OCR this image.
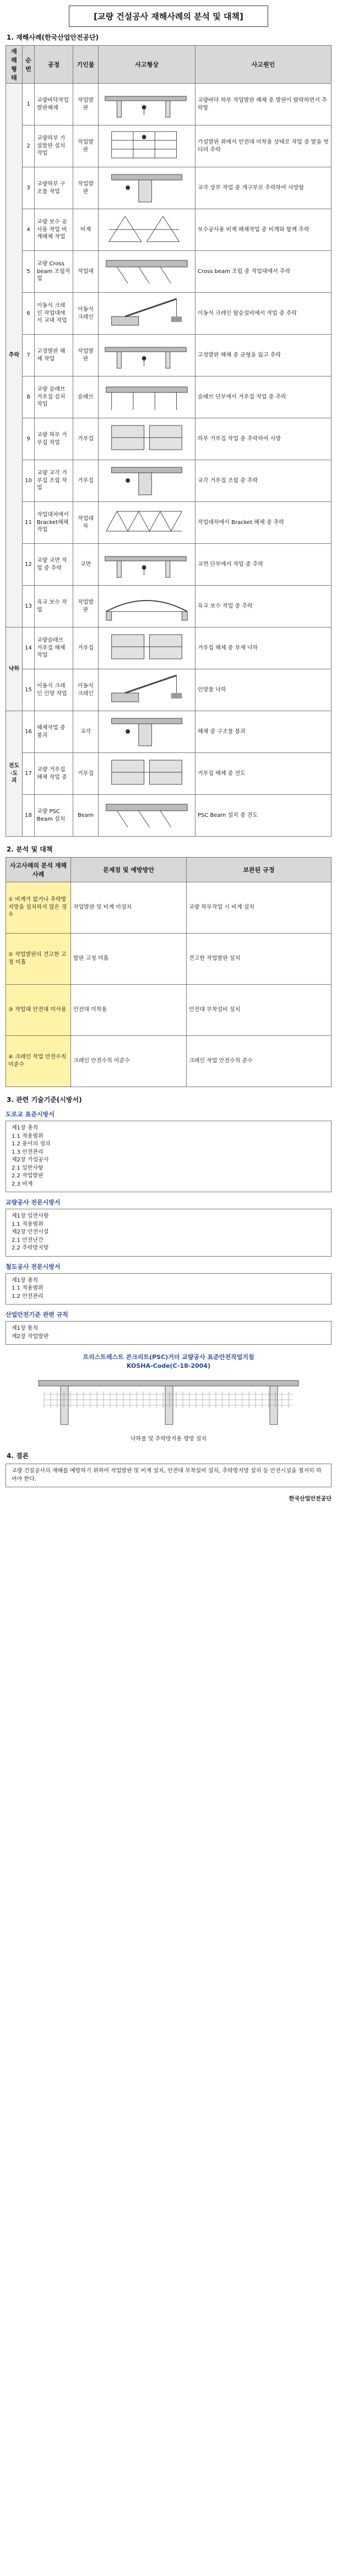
[교량 건설공사 재해사례의 분석 및 대책]
1. 재해사례(한국산업안전공단)
재해형태	순번	공정	기인물	사고형상	사고원인
추락	1	교량바닥작업 발판해체	작업발판		교량바닥 하부 작업발판 해체 중 발판이 탈락하면서 추락함
	2	교량하부 가설발판 설치작업	작업발판		가설발판 위에서 안전대 미착용 상태로 작업 중 발을 헛디뎌 추락
	3	교량하부 구조물 작업	작업발판		교각 상부 작업 중 개구부로 추락하여 사망함
	4	교량 보수 공사용 작업 비계해체 작업	비계		보수공사용 비계 해체작업 중 비계와 함께 추락
	5	교량 Cross beam 조립작업	작업대		Cross beam 조립 중 작업대에서 추락
	6	이동식 크레인 작업대에서 교대 작업	이동식 크레인		이동식 크레인 탑승설비에서 작업 중 추락
	7	고정발판 해체 작업	작업발판		고정발판 해체 중 균형을 잃고 추락
	8	교량 슬래브 거푸집 설치작업	슬래브		슬래브 단부에서 거푸집 작업 중 추락
	9	교량 하부 거푸집 작업	거푸집		하부 거푸집 작업 중 추락하여 사망
	10	교량 교각 거푸집 조립 작업	거푸집		교각 거푸집 조립 중 추락
	11	작업대차에서 Bracket해체 작업	작업대차		작업대차에서 Bracket 해체 중 추락
	12	교량 교면 작업 중 추락	교면		교면 단부에서 작업 중 추락
	13	육교 보수 작업	작업발판		육교 보수 작업 중 추락
낙하	14	교량슬래브 거푸집 해체 작업	거푸집		거푸집 해체 중 부재 낙하
	15	이동식 크레인 인양 작업	이동식 크레인		인양물 낙하
전도·도괴	16	해체작업 중 붕괴	교각		해체 중 구조물 붕괴
	17	교량 거푸집 해체 작업 중	거푸집		거푸집 해체 중 전도
	18	교량 PSC Beam 설치	Beam		PSC Beam 설치 중 전도
2. 분석 및 대책
사고사례의 분석 재해 사례	문제점 및 예방방안	보완된 규정
① 비계가 없거나 추락방지망을 설치하지 않은 경우	작업발판 및 비계 미설치	교량 하부작업 시 비계 설치
② 작업발판의 견고한 고정 미흡	발판 고정 미흡	견고한 작업발판 설치
③ 작업대 안전대 미사용	안전대 미착용	안전대 부착설비 설치
④ 크레인 작업 안전수칙 미준수	크레인 안전수칙 미준수	크레인 작업 안전수칙 준수
3. 관련 기술기준(시방서)
도로교 표준시방서
제1장 총칙
1.1 적용범위
1.2 용어의 정의
1.3 안전관리
제2장 가설공사
2.1 일반사항
2.2 작업발판
2.3 비계
교량공사 전문시방서
제1장 일반사항
1.1 적용범위
제2장 안전시설
2.1 안전난간
2.2 추락방지망
철도공사 전문시방서
제1장 총칙
1.1 적용범위
1.2 안전관리
산업안전기준 관련 규칙
제1장 통칙
제2장 작업발판
프리스트레스트 콘크리트(PSC)거더 교량공사 표준안전작업지침
KOSHA-Code(C-18-2004)
낙하물 및 추락방지용 방망 설치
4. 결론
교량 건설공사의 재해를 예방하기 위하여 작업발판 및 비계 설치, 안전대 부착설비 설치, 추락방지망 설치 등 안전시설을 철저히 하여야 한다.
한국산업안전공단
